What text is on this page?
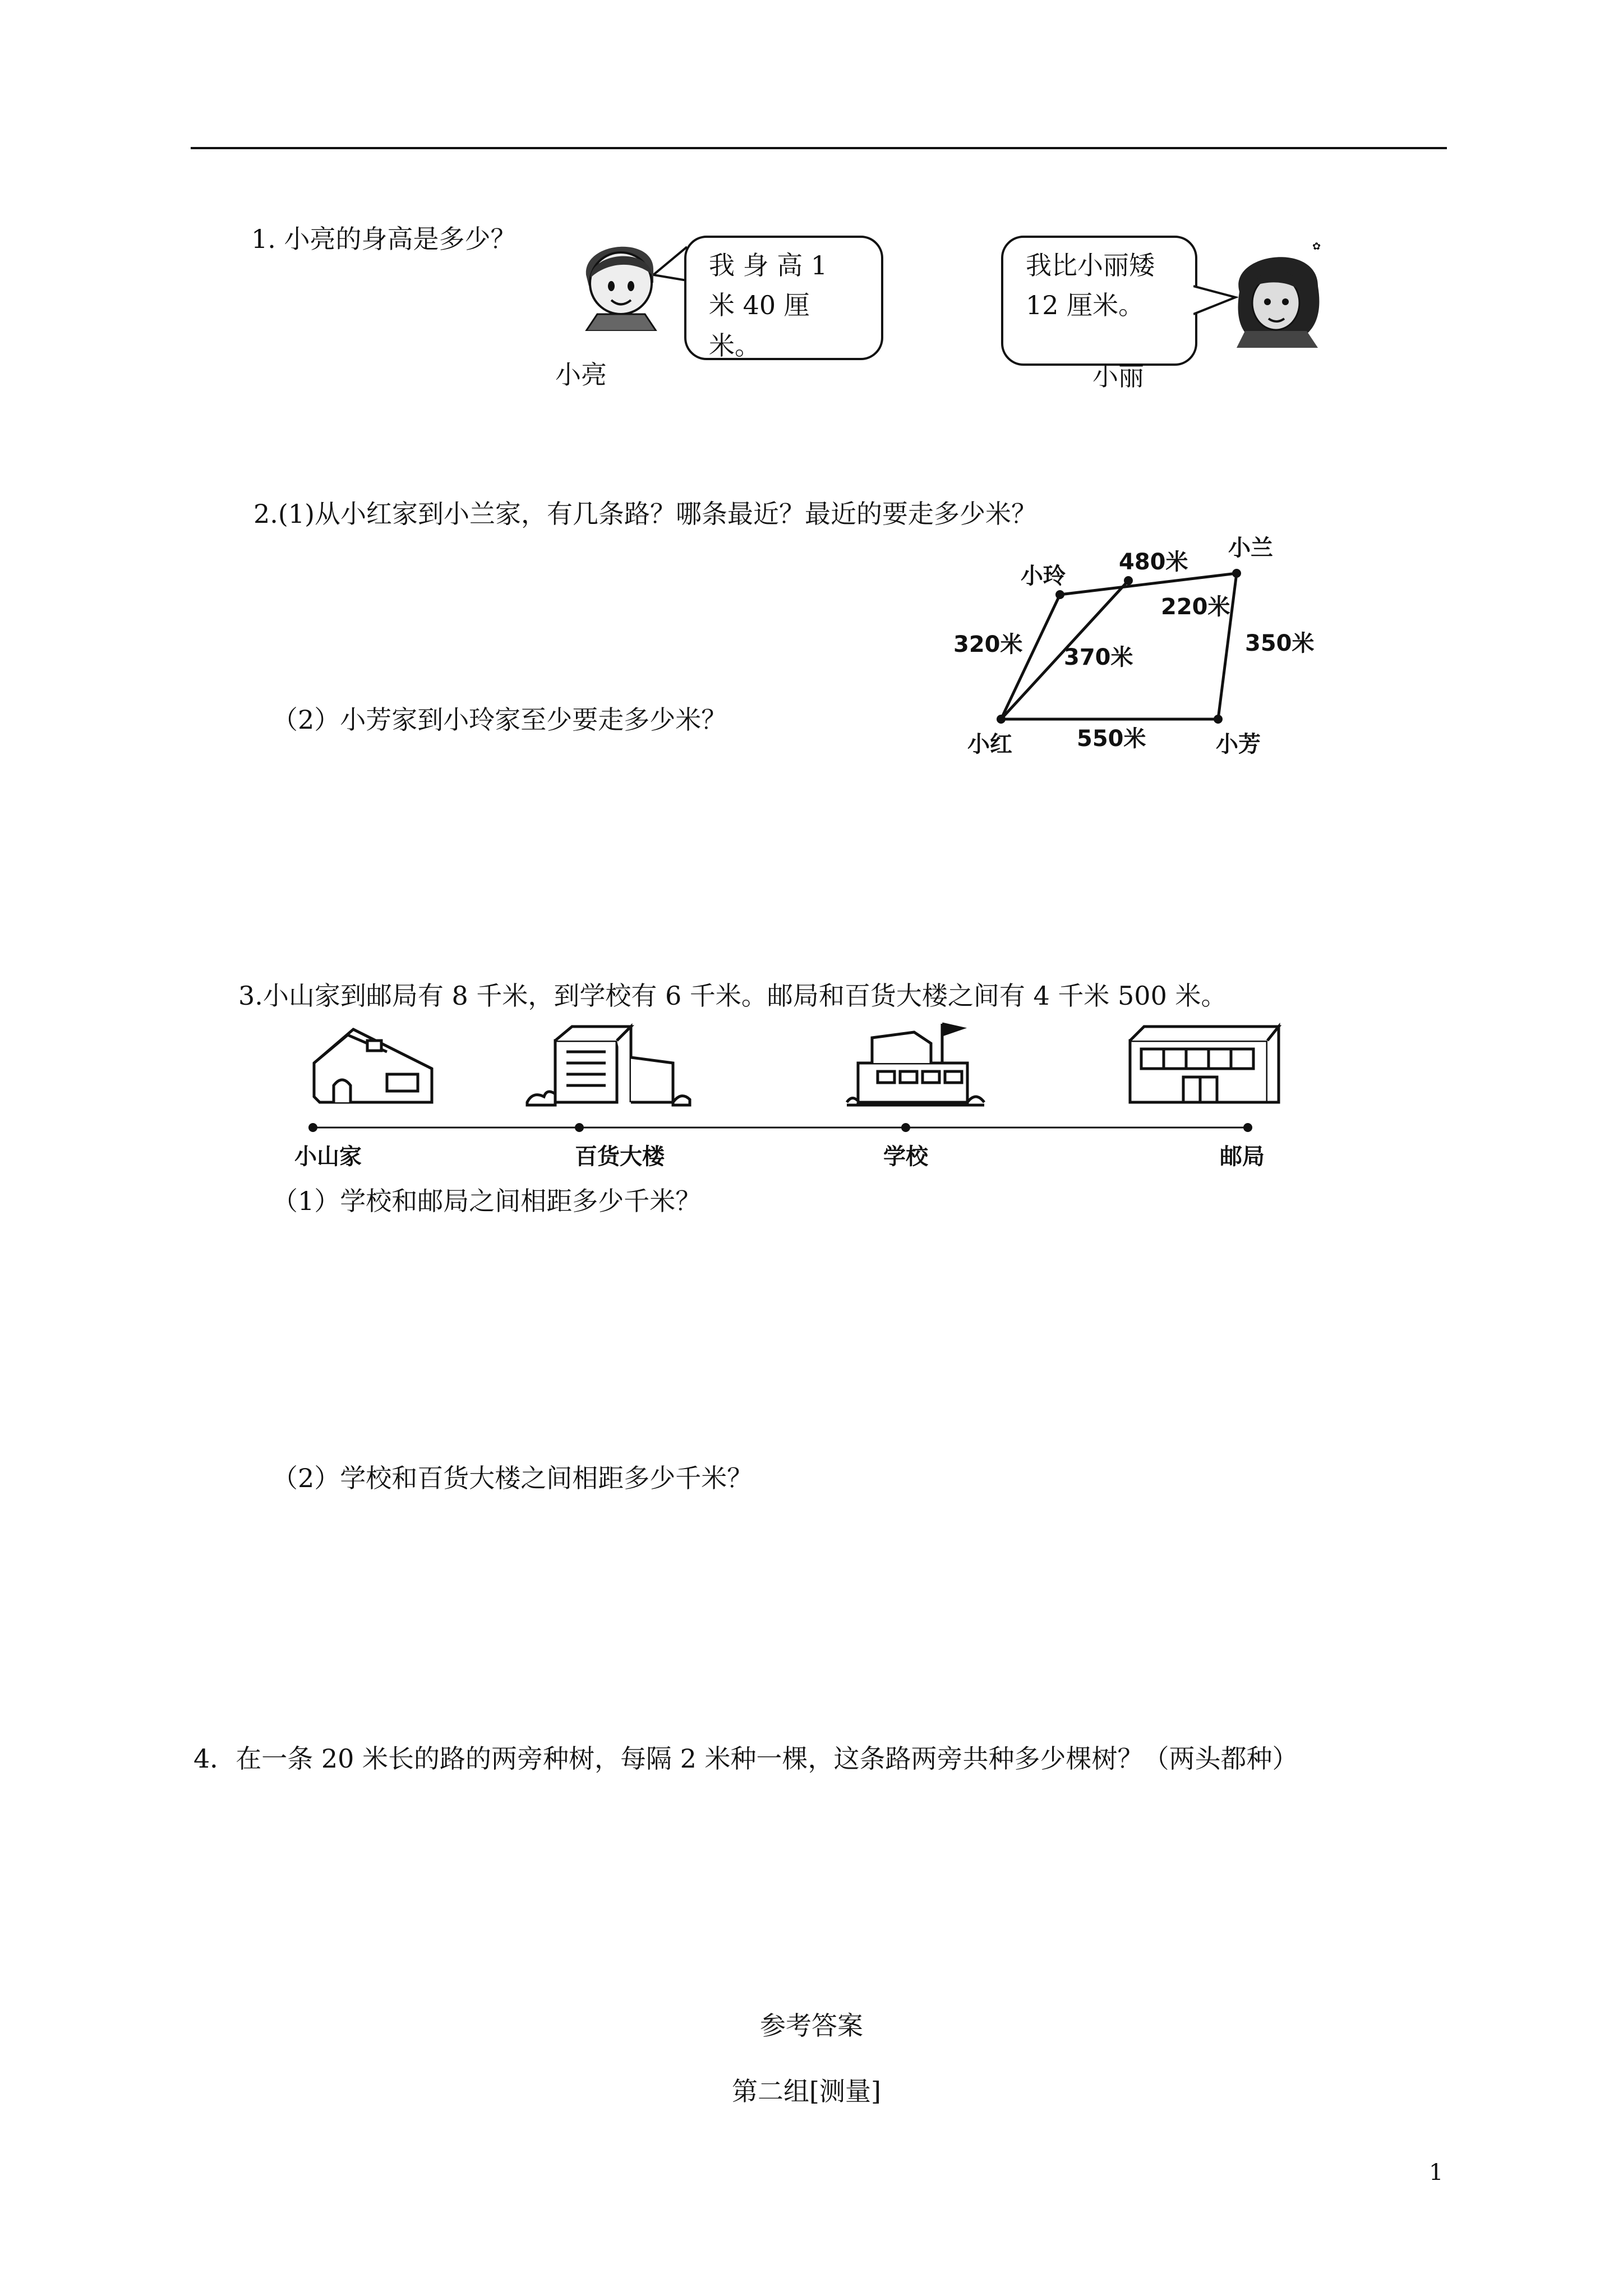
1. 小亮的身高是多少？
我 身 高 1
米 40 厘米。
小亮
我比小丽矮
12 厘米。
✿
小丽
2.(1)从小红家到小兰家，有几条路？哪条最近？最近的要走多少米？
小玲
小兰
小红	小芳
480米
220米
320米 370米
350米
550米
（2）小芳家到小玲家至少要走多少米？
3.小山家到邮局有 8 千米，到学校有 6 千米。邮局和百货大楼之间有 4 千米 500 米。
小山家	百货大楼	学校	邮局
（1）学校和邮局之间相距多少千米？
（2）学校和百货大楼之间相距多少千米？
4．在一条 20 米长的路的两旁种树，每隔 2 米种一棵，这条路两旁共种多少棵树？（两头都种）
参考答案
第二组[测量]
1
